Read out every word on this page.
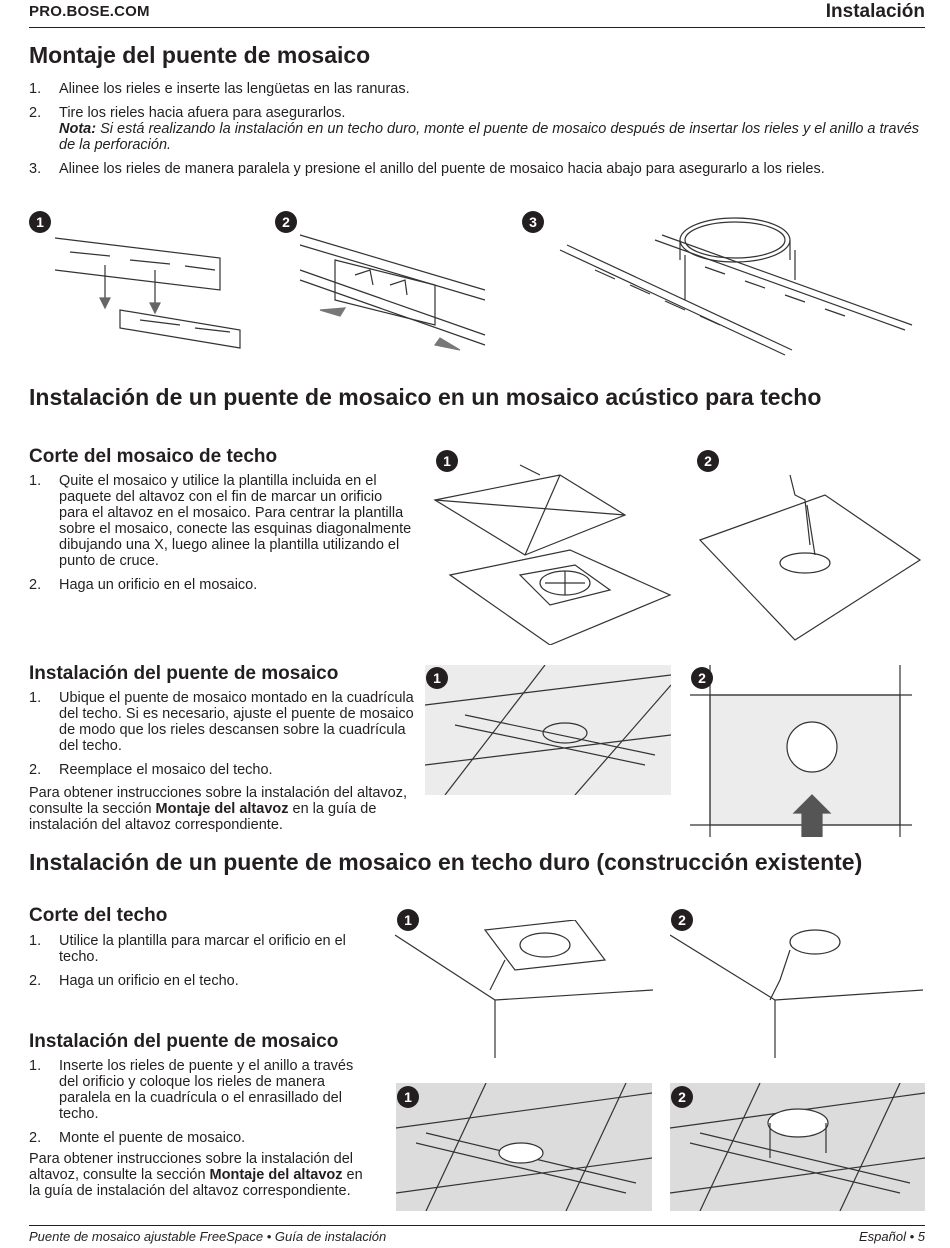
PRO.BOSE.COM	Instalación
Montaje del puente de mosaico
1. Alinee los rieles e inserte las lengüetas en las ranuras.
2. Tire los rieles hacia afuera para asegurarlos.
Nota: Si está realizando la instalación en un techo duro, monte el puente de mosaico después de insertar los rieles y el anillo a través de la perforación.
3. Alinee los rieles de manera paralela y presione el anillo del puente de mosaico hacia abajo para asegurarlo a los rieles.
1	2	3
Instalación de un puente de mosaico en un mosaico acústico para techo
Corte del mosaico de techo
1. Quite el mosaico y utilice la plantilla incluida en el paquete del altavoz con el fin de marcar un orificio para el altavoz en el mosaico. Para centrar la plantilla sobre el mosaico, conecte las esquinas diagonalmente dibujando una X, luego alinee la plantilla utilizando el punto de cruce.
2. Haga un orificio en el mosaico.
1	2
Instalación del puente de mosaico
1. Ubique el puente de mosaico montado en la cuadrícula del techo. Si es necesario, ajuste el puente de mosaico de modo que los rieles descansen sobre la cuadrícula del techo.
2. Reemplace el mosaico del techo.

Para obtener instrucciones sobre la instalación del altavoz, consulte la sección Montaje del altavoz en la guía de instalación del altavoz correspondiente.

1	2
Instalación de un puente de mosaico en techo duro (construcción existente)
Corte del techo
1. Utilice la plantilla para marcar el orificio en el techo.
2. Haga un orificio en el techo.
1	2
Instalación del puente de mosaico
1. Inserte los rieles de puente y el anillo a través del orificio y coloque los rieles de manera paralela en la cuadrícula o el enrasillado del techo.
2. Monte el puente de mosaico.

Para obtener instrucciones sobre la instalación del altavoz, consulte la sección Montaje del altavoz en la guía de instalación del altavoz correspondiente.

1	2
Puente de mosaico ajustable FreeSpace • Guía de instalación	Español • 5
